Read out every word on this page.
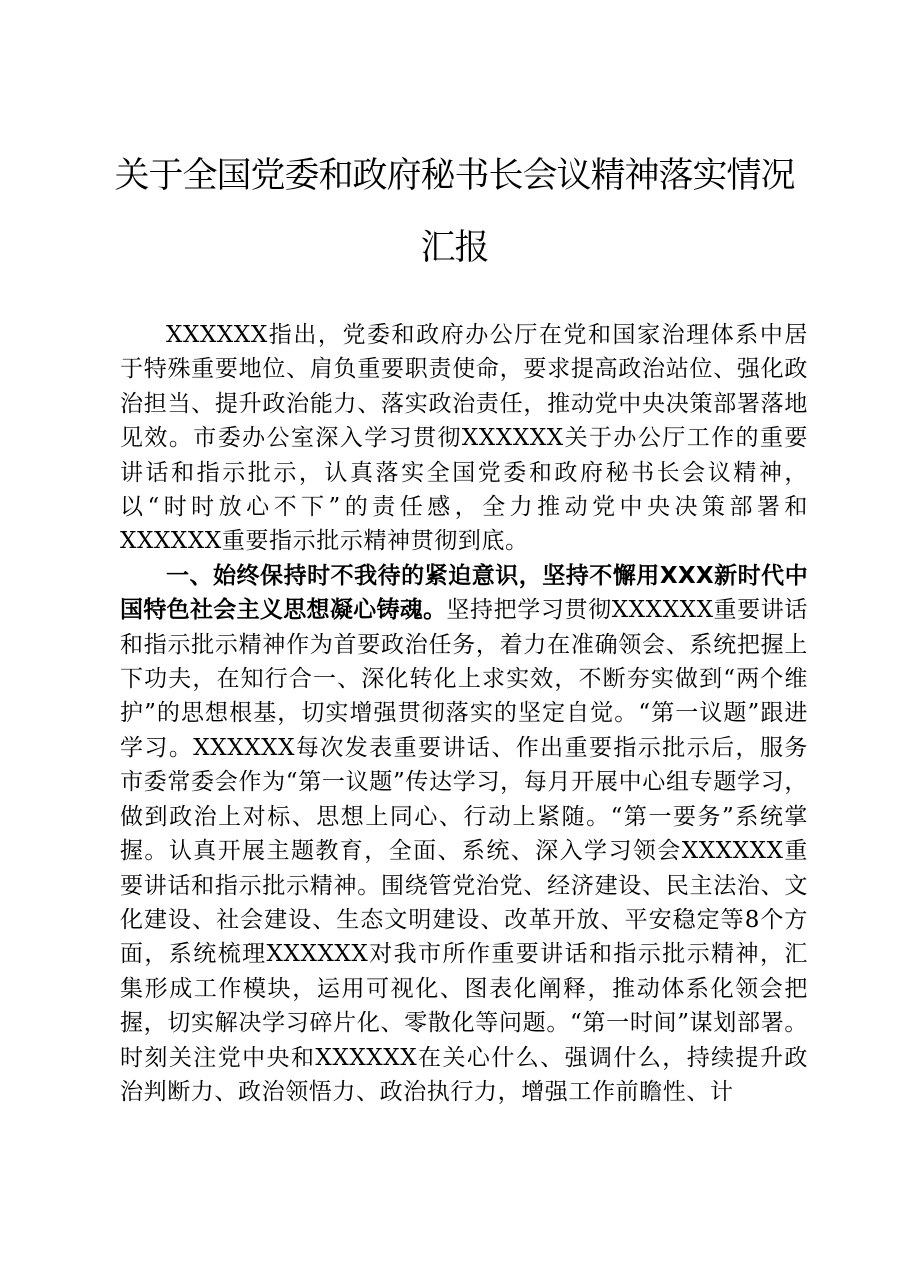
关于全国党委和政府秘书长会议精神落实情况
汇报

XXXXXX指出，党委和政府办公厅在党和国家治理体系中居于特殊重要地位、肩负重要职责使命，要求提高政治站位、强化政治担当、提升政治能力、落实政治责任，推动党中央决策部署落地见效。市委办公室深入学习贯彻XXXXXX关于办公厅工作的重要讲话和指示批示，认真落实全国党委和政府秘书长会议精神，以“时时放心不下”的责任感，全力推动党中央决策部署和XXXXXX重要指示批示精神贯彻到底。

一、始终保持时不我待的紧迫意识，坚持不懈用XXX新时代中国特色社会主义思想凝心铸魂。坚持把学习贯彻XXXXXX重要讲话和指示批示精神作为首要政治任务，着力在准确领会、系统把握上下功夫，在知行合一、深化转化上求实效，不断夯实做到“两个维护”的思想根基，切实增强贯彻落实的坚定自觉。“第一议题”跟进学习。XXXXXX每次发表重要讲话、作出重要指示批示后，服务市委常委会作为“第一议题”传达学习，每月开展中心组专题学习，做到政治上对标、思想上同心、行动上紧随。“第一要务”系统掌握。认真开展主题教育，全面、系统、深入学习领会XXXXXX重要讲话和指示批示精神。围绕管党治党、经济建设、民主法治、文化建设、社会建设、生态文明建设、改革开放、平安稳定等8个方面，系统梳理XXXXXX对我市所作重要讲话和指示批示精神，汇集形成工作模块，运用可视化、图表化阐释，推动体系化领会把握，切实解决学习碎片化、零散化等问题。“第一时间”谋划部署。时刻关注党中央和XXXXXX在关心什么、强调什么，持续提升政治判断力、政治领悟力、政治执行力，增强工作前瞻性、计
